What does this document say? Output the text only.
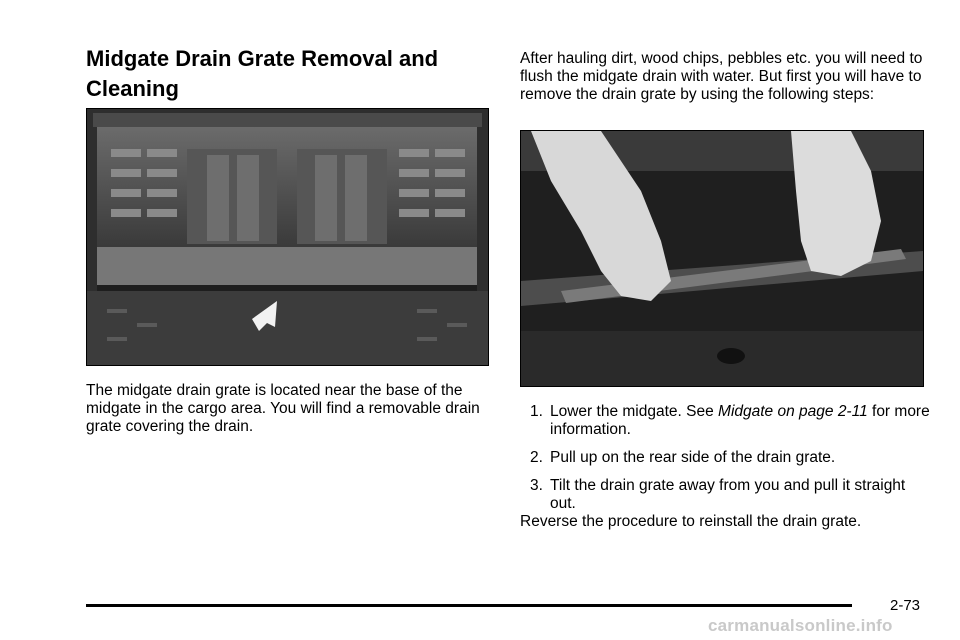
Midgate Drain Grate Removal and Cleaning

The midgate drain grate is located near the base of the midgate in the cargo area. You will find a removable drain grate covering the drain.

After hauling dirt, wood chips, pebbles etc. you will need to flush the midgate drain with water. But first you will have to remove the drain grate by using the following steps:

1. Lower the midgate. See Midgate on page 2-11 for more information.
2. Pull up on the rear side of the drain grate.
3. Tilt the drain grate away from you and pull it straight out.

Reverse the procedure to reinstall the drain grate.

2-73
carmanualsonline.info
